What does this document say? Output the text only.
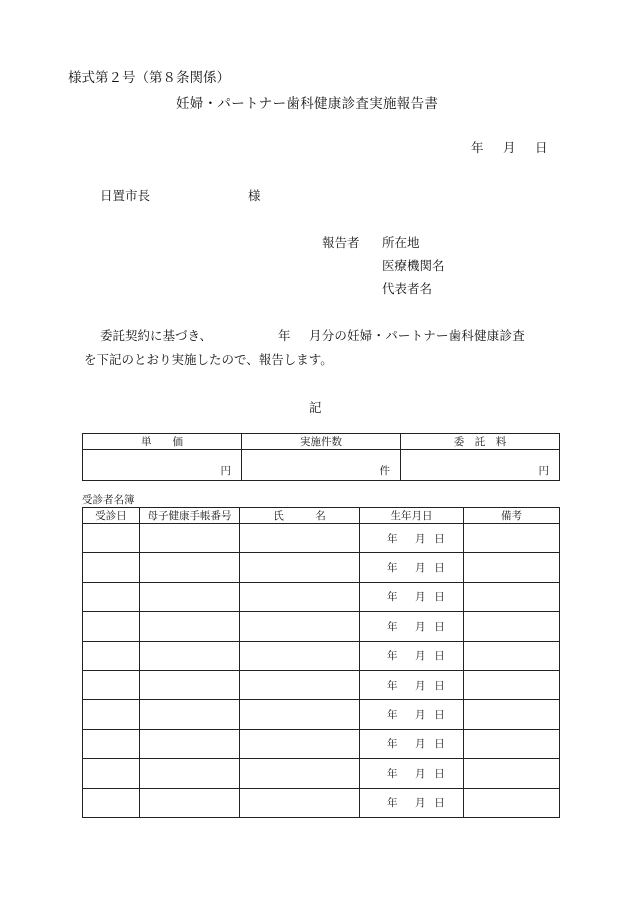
様式第２号（第８条関係）
妊婦・パートナー歯科健康診査実施報告書
年 月 日
日置市長	様
報告者 所在地
医療機関名
代表者名
委託契約に基づき、	年 月分の妊婦・パートナー歯科健康診査
を下記のとおり実施したので、報告します。
記
単　　価	実施件数	委　託　料
円	件	円
受診者名簿
受診日	母子健康手帳番号	氏　　　名	生年月日	備考
			年 月 日	
			年 月 日	
			年 月 日	
			年 月 日	
			年 月 日	
			年 月 日	
			年 月 日	
			年 月 日	
			年 月 日	
			年 月 日	
